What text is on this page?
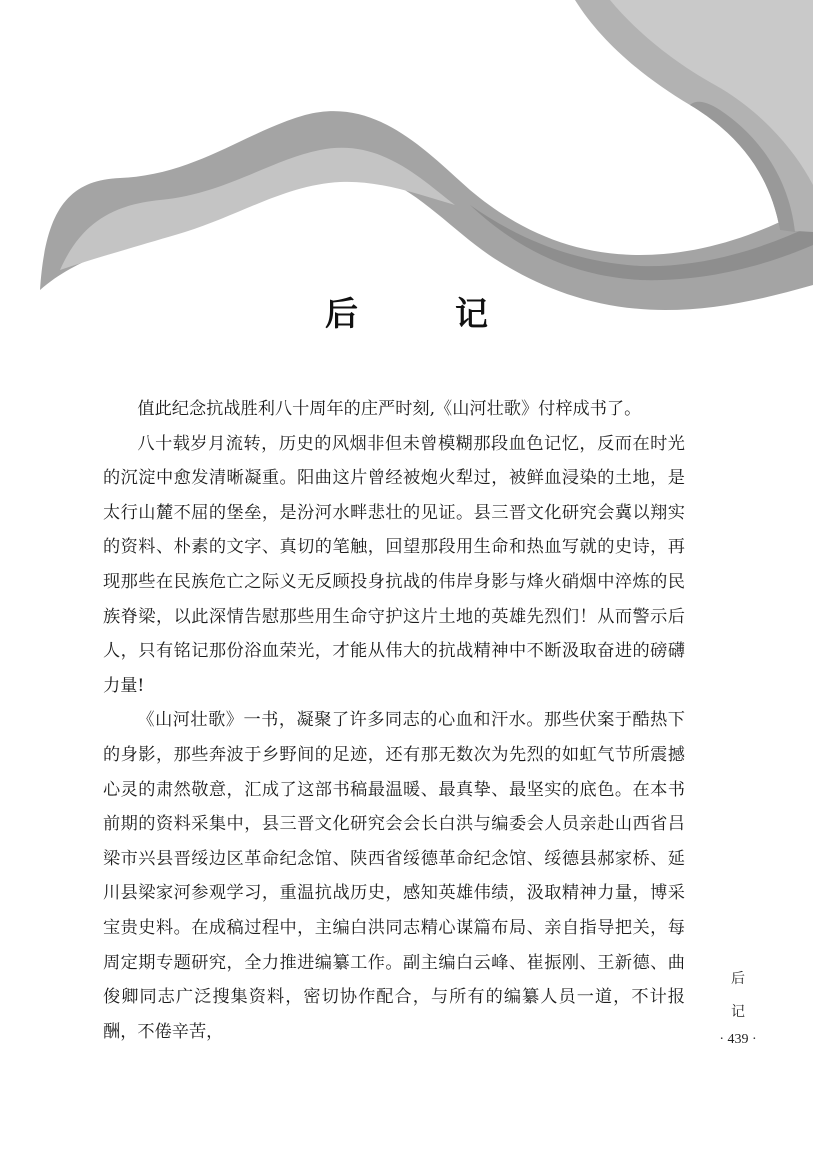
后　记

值此纪念抗战胜利八十周年的庄严时刻,《山河壮歌》付梓成书了。

八十载岁月流转，历史的风烟非但未曾模糊那段血色记忆，反而在时光的沉淀中愈发清晰凝重。阳曲这片曾经被炮火犁过，被鲜血浸染的土地，是太行山麓不屈的堡垒，是汾河水畔悲壮的见证。县三晋文化研究会冀以翔实的资料、朴素的文字、真切的笔触，回望那段用生命和热血写就的史诗，再现那些在民族危亡之际义无反顾投身抗战的伟岸身影与烽火硝烟中淬炼的民族脊梁，以此深情告慰那些用生命守护这片土地的英雄先烈们！从而警示后人，只有铭记那份浴血荣光，才能从伟大的抗战精神中不断汲取奋进的磅礴力量!

《山河壮歌》一书，凝聚了许多同志的心血和汗水。那些伏案于酷热下的身影，那些奔波于乡野间的足迹，还有那无数次为先烈的如虹气节所震撼心灵的肃然敬意，汇成了这部书稿最温暖、最真挚、最坚实的底色。在本书前期的资料采集中，县三晋文化研究会会长白洪与编委会人员亲赴山西省吕梁市兴县晋绥边区革命纪念馆、陕西省绥德革命纪念馆、绥德县郝家桥、延川县梁家河参观学习，重温抗战历史，感知英雄伟绩，汲取精神力量，博采宝贵史料。在成稿过程中，主编白洪同志精心谋篇布局、亲自指导把关，每周定期专题研究，全力推进编纂工作。副主编白云峰、崔振刚、王新德、曲俊卿同志广泛搜集资料，密切协作配合，与所有的编纂人员一道，不计报酬，不倦辛苦，

后
记
· 439 ·
